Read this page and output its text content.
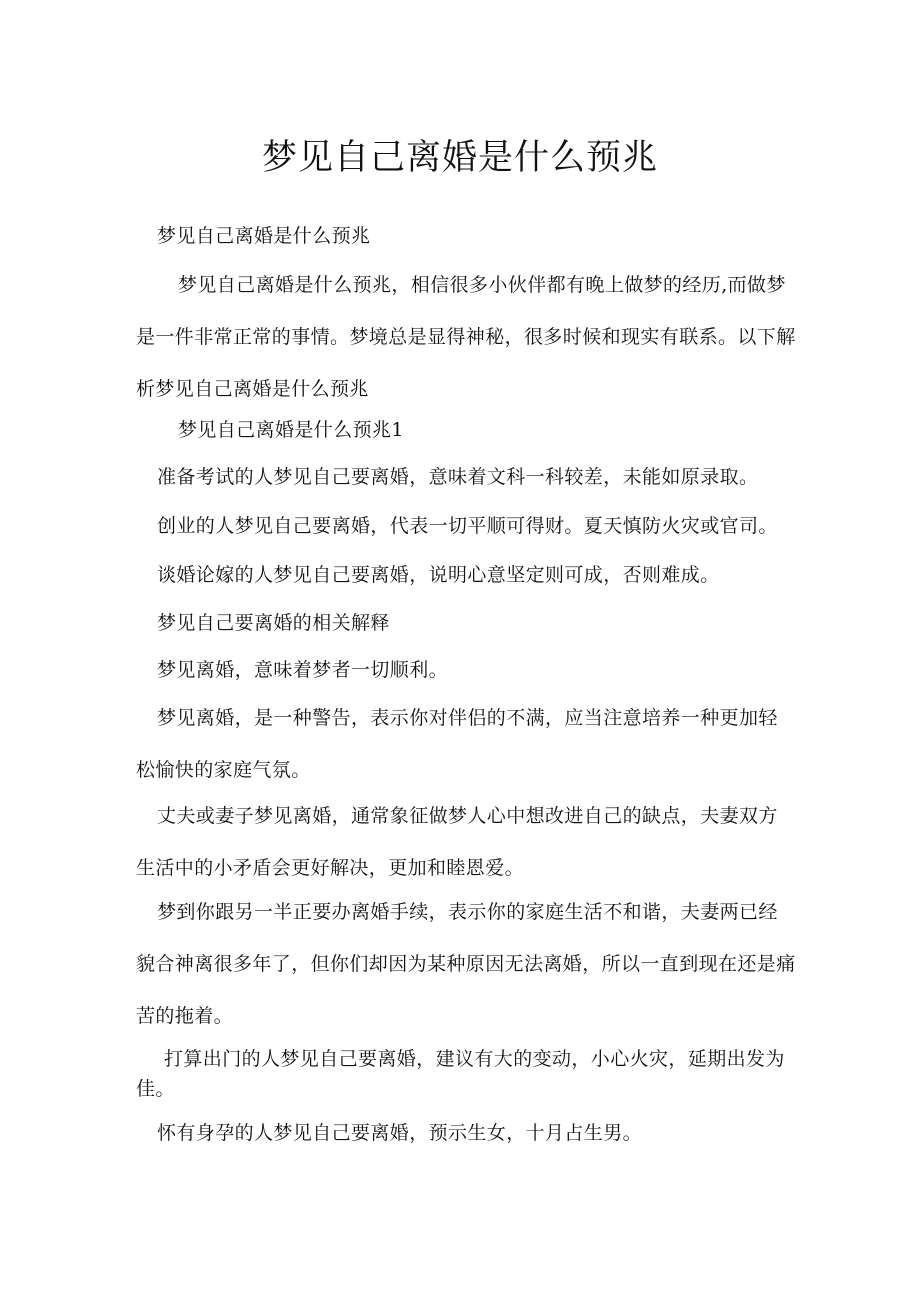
梦见自己离婚是什么预兆

梦见自己离婚是什么预兆

梦见自己离婚是什么预兆，相信很多小伙伴都有晚上做梦的经历,而做梦是一件非常正常的事情。梦境总是显得神秘，很多时候和现实有联系。以下解析梦见自己离婚是什么预兆

梦见自己离婚是什么预兆1

准备考试的人梦见自己要离婚，意味着文科一科较差，未能如原录取。

创业的人梦见自己要离婚，代表一切平顺可得财。夏天慎防火灾或官司。

谈婚论嫁的人梦见自己要离婚，说明心意坚定则可成，否则难成。

梦见自己要离婚的相关解释

梦见离婚，意味着梦者一切顺利。

梦见离婚，是一种警告，表示你对伴侣的不满，应当注意培养一种更加轻松愉快的家庭气氛。

丈夫或妻子梦见离婚，通常象征做梦人心中想改进自己的缺点，夫妻双方生活中的小矛盾会更好解决，更加和睦恩爱。

梦到你跟另一半正要办离婚手续，表示你的家庭生活不和谐，夫妻两已经貌合神离很多年了，但你们却因为某种原因无法离婚，所以一直到现在还是痛苦的拖着。

打算出门的人梦见自己要离婚，建议有大的变动，小心火灾，延期出发为佳。

怀有身孕的人梦见自己要离婚，预示生女，十月占生男。
